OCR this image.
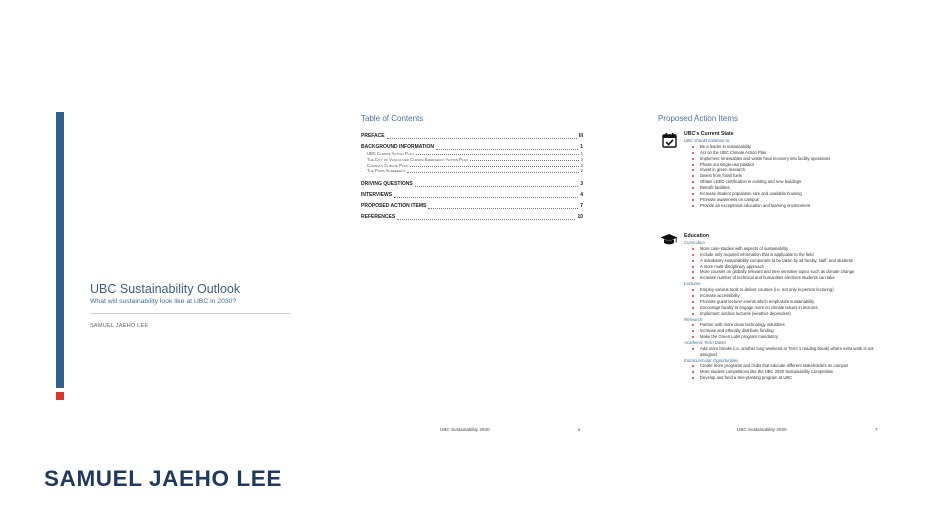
UBC Sustainability Outlook
What will sustainability look like at UBC in 2030?
SAMUEL JAEHO LEE
Table of Contents
PREFACE	III
BACKGROUND INFORMATION	1
UBC Climate Action Plan	1
The City of Vancouver Climate Emergency Action Plan	2
Canada's Climate Plan	2
The Paris Agreement	2
DRIVING QUESTIONS	3
INTERVIEWS	4
PROPOSED ACTION ITEMS	7
REFERENCES	10
UBC Sustainability 2030	ii
Proposed Action Items
UBC's Current State
UBC should continue to:
Be a leader in sustainability
Act on the UBC Climate Action Plan
Implement renewables and waste heat recovery into facility operations
Phase out single-use plastics
Invest in green research
Divest from fossil fuels
Obtain LEED certification in existing and new buildings
Retrofit facilities
Increase student population size and available housing
Promote awareness on campus
Provide an exceptional education and learning environment
Education
Curriculum
More case studies with aspects of sustainability
Include only required information that is applicable to the field
A mandatory sustainability component to be taken by all faculty, staff, and students
A more multi-disciplinary approach
More courses on globally relevant and time sensitive topics such as climate change
Increase number of technical and humanities electives students can take
Lectures
Employ various tools to deliver courses (i.e. not only in-person lecturing)
Increase accessibility
Promote guest lecturer events which emphasize sustainability
Encourage faculty to engage more on climate issues in lectures
Implement outdoor lectures (weather-dependent)
Research
Partner with more clean technology industries
Increase and ethically distribute funding
Make the Green Labs program mandatory
Academic Term Dates
Add more breaks (i.e. another long weekend or Term 1 reading break) where extra work is not assigned
Extracurricular Opportunities
Create more programs and clubs that educate different stakeholders on campus
More student competitions like the UBC 2030 Sustainability Competition
Develop and fund a tree-planting program at UBC
UBC Sustainability 2030	7
SAMUEL JAEHO LEE
